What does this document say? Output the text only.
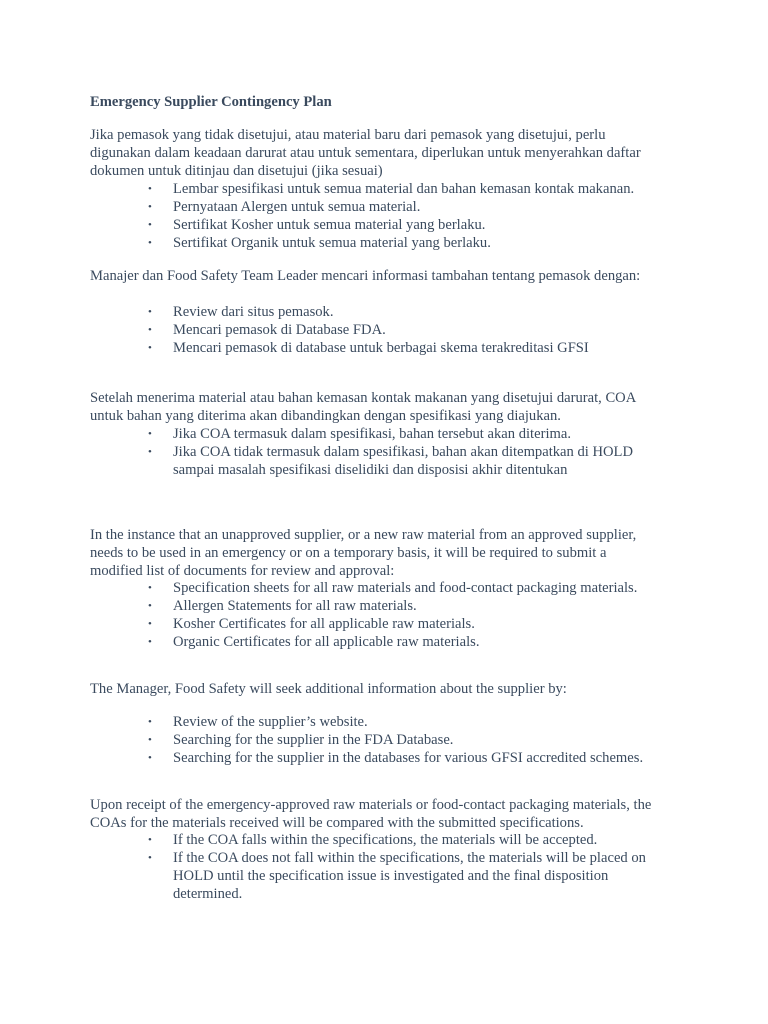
Emergency Supplier Contingency Plan
Jika pemasok yang tidak disetujui, atau material baru dari pemasok yang disetujui, perlu
digunakan dalam keadaan darurat atau untuk sementara, diperlukan untuk menyerahkan daftar
dokumen untuk ditinjau dan disetujui (jika sesuai)
• Lembar spesifikasi untuk semua material dan bahan kemasan kontak makanan.
• Pernyataan Alergen untuk semua material.
• Sertifikat Kosher untuk semua material yang berlaku.
• Sertifikat Organik untuk semua material yang berlaku.
Manajer dan Food Safety Team Leader mencari informasi tambahan tentang pemasok dengan:
• Review dari situs pemasok.
• Mencari pemasok di Database FDA.
• Mencari pemasok di database untuk berbagai skema terakreditasi GFSI
Setelah menerima material atau bahan kemasan kontak makanan yang disetujui darurat, COA
untuk bahan yang diterima akan dibandingkan dengan spesifikasi yang diajukan.
• Jika COA termasuk dalam spesifikasi, bahan tersebut akan diterima.
• Jika COA tidak termasuk dalam spesifikasi, bahan akan ditempatkan di HOLD
sampai masalah spesifikasi diselidiki dan disposisi akhir ditentukan
In the instance that an unapproved supplier, or a new raw material from an approved supplier,
needs to be used in an emergency or on a temporary basis, it will be required to submit a
modified list of documents for review and approval:
• Specification sheets for all raw materials and food-contact packaging materials.
• Allergen Statements for all raw materials.
• Kosher Certificates for all applicable raw materials.
• Organic Certificates for all applicable raw materials.
The Manager, Food Safety will seek additional information about the supplier by:
• Review of the supplier’s website.
• Searching for the supplier in the FDA Database.
• Searching for the supplier in the databases for various GFSI accredited schemes.
Upon receipt of the emergency-approved raw materials or food-contact packaging materials, the
COAs for the materials received will be compared with the submitted specifications.
• If the COA falls within the specifications, the materials will be accepted.
• If the COA does not fall within the specifications, the materials will be placed on
HOLD until the specification issue is investigated and the final disposition
determined.
